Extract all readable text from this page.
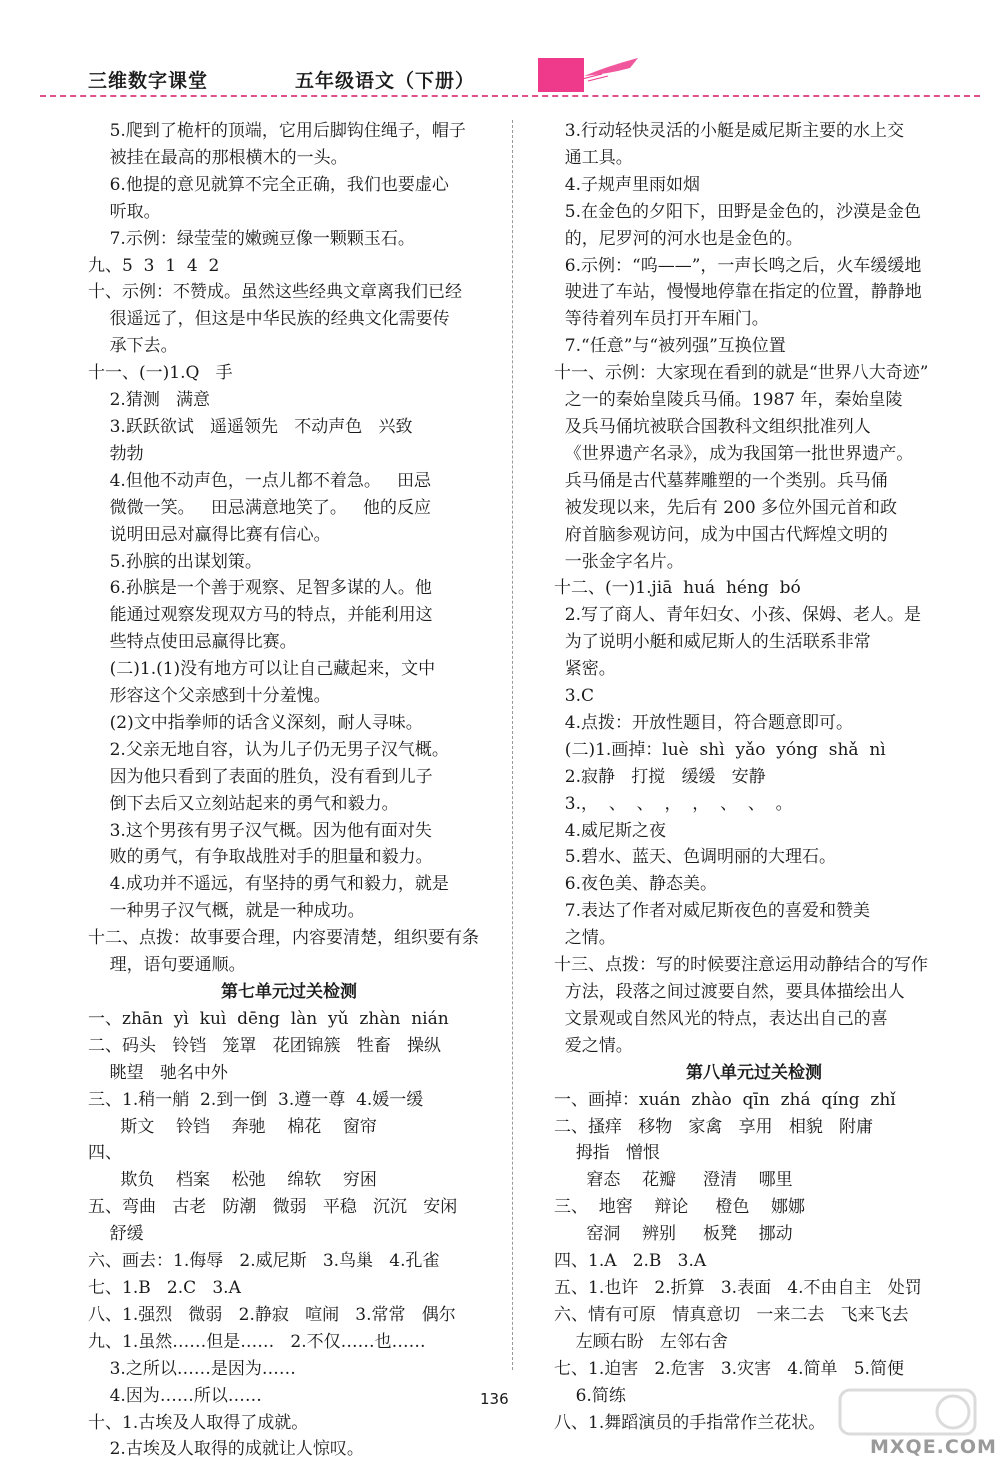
三维数字课堂	五年级语文（下册）
5.爬到了桅杆的顶端，它用后脚钩住绳子，帽子
被挂在最高的那根横木的一头。
6.他提的意见就算不完全正确，我们也要虚心
听取。
7.示例：绿莹莹的嫩豌豆像一颗颗玉石。
九、5  3  1  4  2
十、示例：不赞成。虽然这些经典文章离我们已经
很遥远了，但这是中华民族的经典文化需要传
承下去。
十一、(一)1.Q   手
2.猜测   满意
3.跃跃欲试   遥遥领先   不动声色   兴致
勃勃
4.但他不动声色，一点儿都不着急。   田忌
微微一笑。   田忌满意地笑了。   他的反应
说明田忌对赢得比赛有信心。
5.孙膑的出谋划策。
6.孙膑是一个善于观察、足智多谋的人。他
能通过观察发现双方马的特点，并能利用这
些特点使田忌赢得比赛。
(二)1.(1)没有地方可以让自己藏起来，文中
形容这个父亲感到十分羞愧。
(2)文中指拳师的话含义深刻，耐人寻味。
2.父亲无地自容，认为儿子仍无男子汉气概。
因为他只看到了表面的胜负，没有看到儿子
倒下去后又立刻站起来的勇气和毅力。
3.这个男孩有男子汉气概。因为他有面对失
败的勇气，有争取战胜对手的胆量和毅力。
4.成功并不遥远，有坚持的勇气和毅力，就是
一种男子汉气概，就是一种成功。
十二、点拨：故事要合理，内容要清楚，组织要有条
理，语句要通顺。
第七单元过关检测
一、zhān  yì  kuì  dēng  làn  yǔ  zhàn  nián
二、码头   铃铛   笼罩   花团锦簇   牲畜   操纵
眺望   驰名中外
三、1.稍一艄  2.到一倒  3.遵一尊  4.媛一缓
斯文    铃铛    奔驰    棉花    窗帘
四、
欺负    档案    松弛    绵软    穷困
五、弯曲   古老   防潮   微弱   平稳   沉沉   安闲
舒缓
六、画去：1.侮辱   2.威尼斯   3.鸟巢   4.孔雀
七、1.B   2.C   3.A
八、1.强烈   微弱   2.静寂   喧闹   3.常常   偶尔
九、1.虽然……但是……   2.不仅……也……
3.之所以……是因为……
4.因为……所以……
十、1.古埃及人取得了成就。
2.古埃及人取得的成就让人惊叹。
3.行动轻快灵活的小艇是威尼斯主要的水上交
通工具。
4.子规声里雨如烟
5.在金色的夕阳下，田野是金色的，沙漠是金色
的，尼罗河的河水也是金色的。
6.示例：“呜——”，一声长鸣之后，火车缓缓地
驶进了车站，慢慢地停靠在指定的位置，静静地
等待着列车员打开车厢门。
7.“任意”与“被列强”互换位置
十一、示例：大家现在看到的就是“世界八大奇迹”
之一的秦始皇陵兵马俑。1987 年，秦始皇陵
及兵马俑坑被联合国教科文组织批准列人
《世界遗产名录》，成为我国第一批世界遗产。
兵马俑是古代墓葬雕塑的一个类别。兵马俑
被发现以来，先后有 200 多位外国元首和政
府首脑参观访问，成为中国古代辉煌文明的
一张金字名片。
十二、(一)1.jiā  huá  héng  bó
2.写了商人、青年妇女、小孩、保姆、老人。是
为了说明小艇和威尼斯人的生活联系非常
紧密。
3.C
4.点拨：开放性题目，符合题意即可。
(二)1.画掉：luè  shì  yǎo  yóng  shǎ  nì
2.寂静   打搅   缓缓   安静
3.，  、  、  ，  ，  、  、  。
4.威尼斯之夜
5.碧水、蓝天、色调明丽的大理石。
6.夜色美、静态美。
7.表达了作者对威尼斯夜色的喜爱和赞美
之情。
十三、点拨：写的时候要注意运用动静结合的写作
方法，段落之间过渡要自然，要具体描绘出人
文景观或自然风光的特点，表达出自己的喜
爱之情。
第八单元过关检测
一、画掉：xuán  zhào  qīn  zhá  qíng  zhǐ
二、搔痒   移物   家禽   享用   相貌   附庸
拇指   憎恨
窘态    花瓣     澄清    哪里
三、  地窖    辩论     橙色    娜娜
窑洞    辨别     板凳    挪动
四、1.A   2.B   3.A
五、1.也许   2.折算   3.表面   4.不由自主   处罚
六、情有可原   情真意切   一来二去   飞来飞去
左顾右盼   左邻右舍
七、1.迫害   2.危害   3.灾害   4.简单   5.简便
6.简练
八、1.舞蹈演员的手指常作兰花状。
136
MXQE.COM
